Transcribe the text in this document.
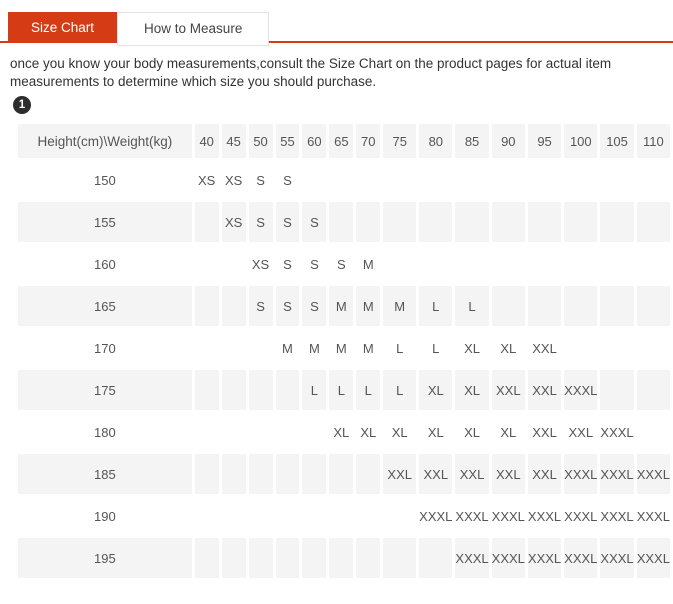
Size Chart	How to Measure

once you know your body measurements,consult the Size Chart on the product pages for actual item measurements to determine which size you should purchase.

1
Height(cm)\Weight(kg)	40	45	50	55	60	65	70	75	80	85	90	95	100	105	110
150	XS	XS	S	S											
155		XS	S	S	S										
160			XS	S	S	S	M								
165			S	S	S	M	M	M	L	L					
170				M	M	M	M	L	L	XL	XL	XXL			
175					L	L	L	L	XL	XL	XXL	XXL	XXXL		
180						XL	XL	XL	XL	XL	XL	XXL	XXL	XXXL	
185								XXL	XXL	XXL	XXL	XXL	XXXL	XXXL	XXXL
190									XXXL	XXXL	XXXL	XXXL	XXXL	XXXL	XXXL
195										XXXL	XXXL	XXXL	XXXL	XXXL	XXXL
